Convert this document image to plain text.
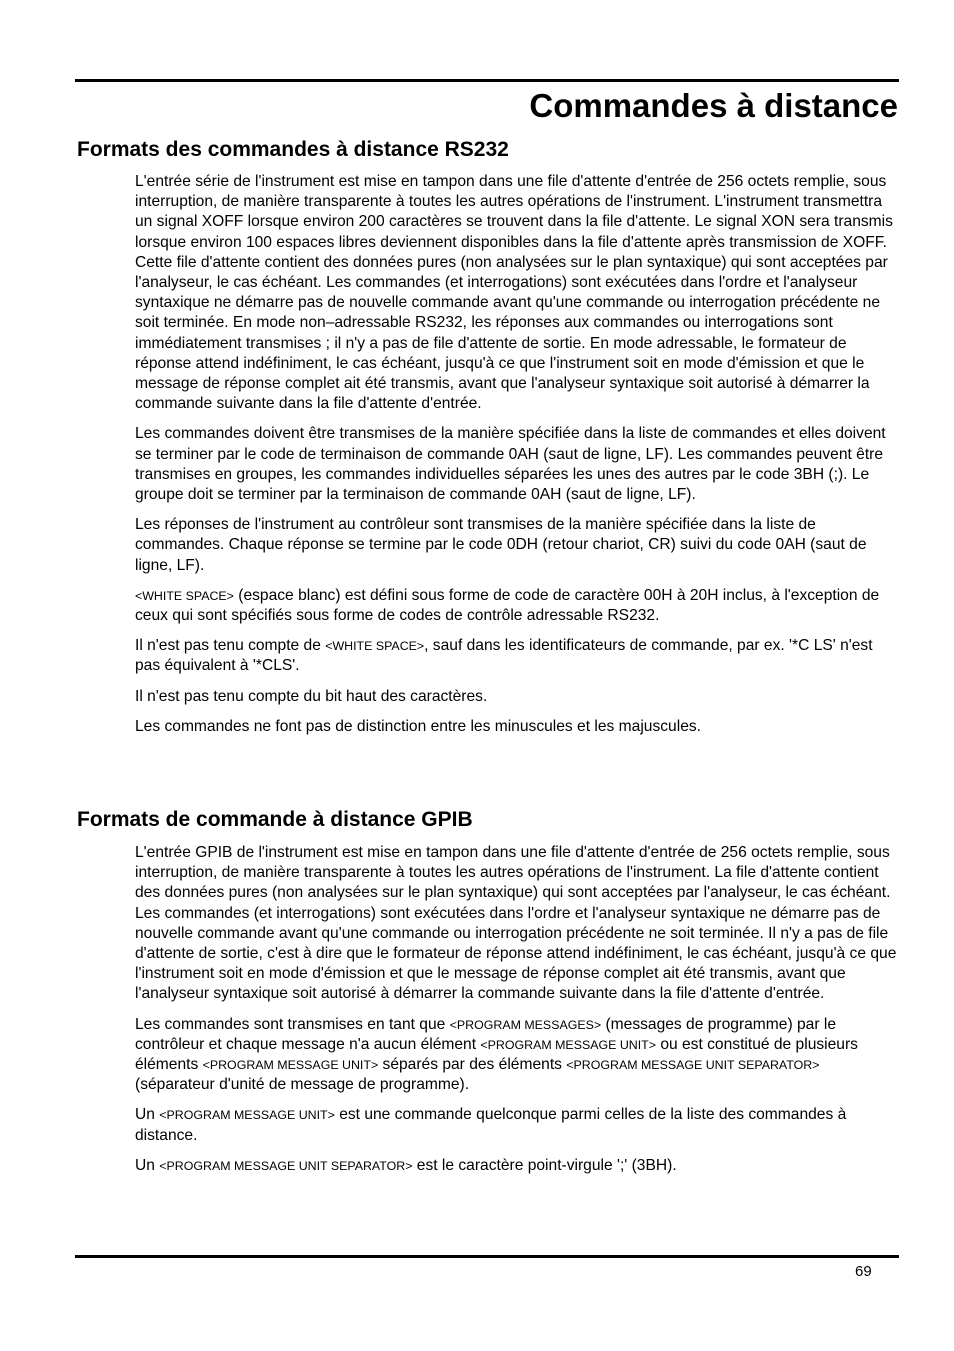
Commandes à distance
Formats des commandes à distance RS232

L'entrée série de l'instrument est mise en tampon dans une file d'attente d'entrée de 256 octets remplie, sous interruption, de manière transparente à toutes les autres opérations de l'instrument. L'instrument transmettra un signal XOFF lorsque environ 200 caractères se trouvent dans la file d'attente. Le signal XON sera transmis lorsque environ 100 espaces libres deviennent disponibles dans la file d'attente après transmission de XOFF. Cette file d'attente contient des données pures (non analysées sur le plan syntaxique) qui sont acceptées par l'analyseur, le cas échéant. Les commandes (et interrogations) sont exécutées dans l'ordre et l'analyseur syntaxique ne démarre pas de nouvelle commande avant qu'une commande ou interrogation précédente ne soit terminée. En mode non–adressable RS232, les réponses aux commandes ou interrogations sont immédiatement transmises ; il n'y a pas de file d'attente de sortie. En mode adressable, le formateur de réponse attend indéfiniment, le cas échéant, jusqu'à ce que l'instrument soit en mode d'émission et que le message de réponse complet ait été transmis, avant que l'analyseur syntaxique soit autorisé à démarrer la commande suivante dans la file d'attente d'entrée.

Les commandes doivent être transmises de la manière spécifiée dans la liste de commandes et elles doivent se terminer par le code de terminaison de commande 0AH (saut de ligne, LF). Les commandes peuvent être transmises en groupes, les commandes individuelles séparées les unes des autres par le code 3BH (;). Le groupe doit se terminer par la terminaison de commande 0AH (saut de ligne, LF).

Les réponses de l'instrument au contrôleur sont transmises de la manière spécifiée dans la liste de commandes. Chaque réponse se termine par le code 0DH (retour chariot, CR) suivi du code 0AH (saut de ligne, LF).

<WHITE SPACE> (espace blanc) est défini sous forme de code de caractère 00H à 20H inclus, à l'exception de ceux qui sont spécifiés sous forme de codes de contrôle adressable RS232.

Il n'est pas tenu compte de <WHITE SPACE>, sauf dans les identificateurs de commande, par ex. '*C LS' n'est pas équivalent à '*CLS'.

Il n'est pas tenu compte du bit haut des caractères.

Les commandes ne font pas de distinction entre les minuscules et les majuscules.

Formats de commande à distance GPIB

L'entrée GPIB de l'instrument est mise en tampon dans une file d'attente d'entrée de 256 octets remplie, sous interruption, de manière transparente à toutes les autres opérations de l'instrument. La file d'attente contient des données pures (non analysées sur le plan syntaxique) qui sont acceptées par l'analyseur, le cas échéant. Les commandes (et interrogations) sont exécutées dans l'ordre et l'analyseur syntaxique ne démarre pas de nouvelle commande avant qu'une commande ou interrogation précédente ne soit terminée. Il n'y a pas de file d'attente de sortie, c'est à dire que le formateur de réponse attend indéfiniment, le cas échéant, jusqu'à ce que l'instrument soit en mode d'émission et que le message de réponse complet ait été transmis, avant que l'analyseur syntaxique soit autorisé à démarrer la commande suivante dans la file d'attente d'entrée.

Les commandes sont transmises en tant que <PROGRAM MESSAGES> (messages de programme) par le contrôleur et chaque message n'a aucun élément <PROGRAM MESSAGE UNIT> ou est constitué de plusieurs éléments <PROGRAM MESSAGE UNIT> séparés par des éléments <PROGRAM MESSAGE UNIT SEPARATOR> (séparateur d'unité de message de programme).

Un <PROGRAM MESSAGE UNIT> est une commande quelconque parmi celles de la liste des commandes à distance.

Un <PROGRAM MESSAGE UNIT SEPARATOR> est le caractère point-virgule ';' (3BH).

69
